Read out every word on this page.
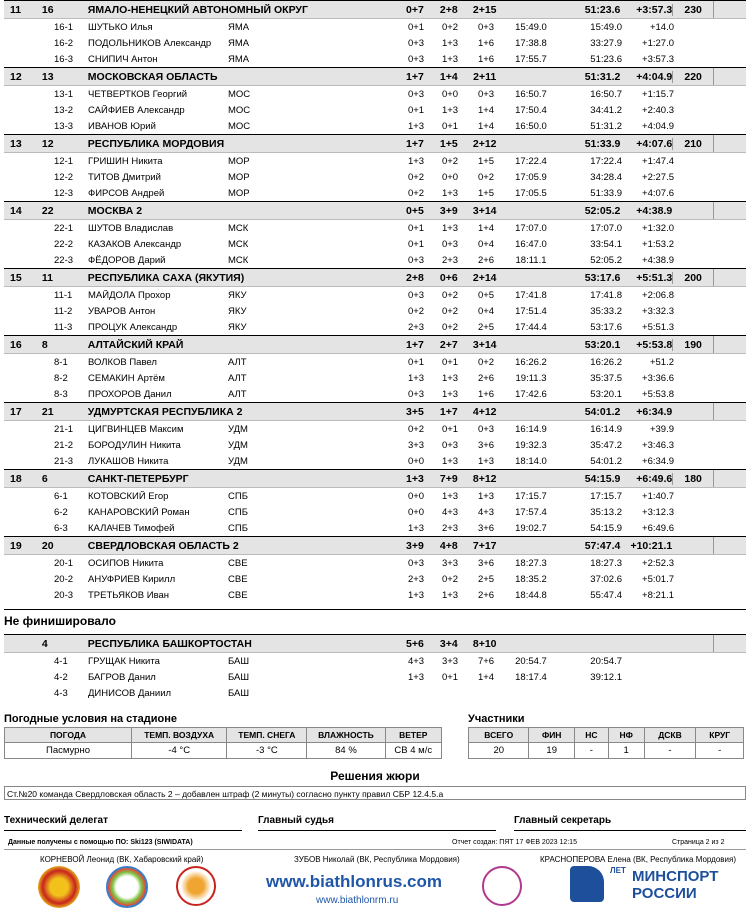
11	16	ЯМАЛО-НЕНЕЦКИЙ АВТОНОМНЫЙ ОКРУГ	0+7	2+8	2+15	51:23.6	+3:57.3	230
16-1	ШУТЬКО Илья	ЯМА	0+1	0+2	0+3	15:49.0	15:49.0	+14.0
16-2	ПОДОЛЬНИКОВ Александр	ЯМА	0+3	1+3	1+6	17:38.8	33:27.9	+1:27.0
16-3	СНИПИЧ Антон	ЯМА	0+3	1+3	1+6	17:55.7	51:23.6	+3:57.3
12	13	МОСКОВСКАЯ ОБЛАСТЬ	1+7	1+4	2+11	51:31.2	+4:04.9	220
13-1	ЧЕТВЕРТКОВ Георгий	МОС	0+3	0+0	0+3	16:50.7	16:50.7	+1:15.7
13-2	САЙФИЕВ Александр	МОС	0+1	1+3	1+4	17:50.4	34:41.2	+2:40.3
13-3	ИВАНОВ Юрий	МОС	1+3	0+1	1+4	16:50.0	51:31.2	+4:04.9
13	12	РЕСПУБЛИКА МОРДОВИЯ	1+7	1+5	2+12	51:33.9	+4:07.6	210
12-1	ГРИШИН Никита	МОР	1+3	0+2	1+5	17:22.4	17:22.4	+1:47.4
12-2	ТИТОВ Дмитрий	МОР	0+2	0+0	0+2	17:05.9	34:28.4	+2:27.5
12-3	ФИРСОВ Андрей	МОР	0+2	1+3	1+5	17:05.5	51:33.9	+4:07.6
14	22	МОСКВА 2	0+5	3+9	3+14	52:05.2	+4:38.9
22-1	ШУТОВ Владислав	МСК	0+1	1+3	1+4	17:07.0	17:07.0	+1:32.0
22-2	КАЗАКОВ Александр	МСК	0+1	0+3	0+4	16:47.0	33:54.1	+1:53.2
22-3	ФЁДОРОВ Дарий	МСК	0+3	2+3	2+6	18:11.1	52:05.2	+4:38.9
15	11	РЕСПУБЛИКА САХА (ЯКУТИЯ)	2+8	0+6	2+14	53:17.6	+5:51.3	200
11-1	МАЙДОЛА Прохор	ЯКУ	0+3	0+2	0+5	17:41.8	17:41.8	+2:06.8
11-2	УВАРОВ Антон	ЯКУ	0+2	0+2	0+4	17:51.4	35:33.2	+3:32.3
11-3	ПРОЦУК Александр	ЯКУ	2+3	0+2	2+5	17:44.4	53:17.6	+5:51.3
16	8	АЛТАЙСКИЙ КРАЙ	1+7	2+7	3+14	53:20.1	+5:53.8	190
8-1	ВОЛКОВ Павел	АЛТ	0+1	0+1	0+2	16:26.2	16:26.2	+51.2
8-2	СЕМАКИН Артём	АЛТ	1+3	1+3	2+6	19:11.3	35:37.5	+3:36.6
8-3	ПРОХОРОВ Данил	АЛТ	0+3	1+3	1+6	17:42.6	53:20.1	+5:53.8
17	21	УДМУРТСКАЯ РЕСПУБЛИКА 2	3+5	1+7	4+12	54:01.2	+6:34.9
21-1	ЦИГВИНЦЕВ Максим	УДМ	0+2	0+1	0+3	16:14.9	16:14.9	+39.9
21-2	БОРОДУЛИН Никита	УДМ	3+3	0+3	3+6	19:32.3	35:47.2	+3:46.3
21-3	ЛУКАШОВ Никита	УДМ	0+0	1+3	1+3	18:14.0	54:01.2	+6:34.9
18	6	САНКТ-ПЕТЕРБУРГ	1+3	7+9	8+12	54:15.9	+6:49.6	180
6-1	КОТОВСКИЙ Егор	СПБ	0+0	1+3	1+3	17:15.7	17:15.7	+1:40.7
6-2	КАНАРОВСКИЙ Роман	СПБ	0+0	4+3	4+3	17:57.4	35:13.2	+3:12.3
6-3	КАЛАЧЕВ Тимофей	СПБ	1+3	2+3	3+6	19:02.7	54:15.9	+6:49.6
19	20	СВЕРДЛОВСКАЯ ОБЛАСТЬ 2	3+9	4+8	7+17	57:47.4 +10:21.1
20-1	ОСИПОВ Никита	СВЕ	0+3	3+3	3+6	18:27.3	18:27.3	+2:52.3
20-2	АНУФРИЕВ Кирилл	СВЕ	2+3	0+2	2+5	18:35.2	37:02.6	+5:01.7
20-3	ТРЕТЬЯКОВ Иван	СВЕ	1+3	1+3	2+6	18:44.8	55:47.4	+8:21.1
Не финишировало
4	РЕСПУБЛИКА БАШКОРТОСТАН	5+6	3+4	8+10
4-1	ГРУЩАК Никита	БАШ	4+3	3+3	7+6	20:54.7	20:54.7
4-2	БАГРОВ Данил	БАШ	1+3	0+1	1+4	18:17.4	39:12.1
4-3	ДИНИСОВ Даниил	БАШ
Погодные условия на стадионе
ПОГОДА	ТЕМП. ВОЗДУХА	ТЕМП. СНЕГА	ВЛАЖНОСТЬ	ВЕТЕР
Пасмурно	-4 °C	-3 °C	84 %	СВ 4 м/с
Участники
ВСЕГО	ФИН	НС	НФ	ДСКВ	КРУГ
20	19	-	1	-	-
Решения жюри
Ст.№20 команда Свердловская область 2 – добавлен штраф (2 минуты) согласно пункту правил СБР 12.4.5.а
Технический делегат	Главный судья	Главный секретарь
Данные получены с помощью ПО: Ski123 (SIWIDATA)	Отчет создан: ПЯТ 17 ФЕВ 2023 12:15	Страница 2 из 2
КОРНЕВОЙ Леонид (ВК, Хабаровский край)	ЗУБОВ Николай (ВК, Республика Мордовия)	КРАСНОПЕРОВА Елена (ВК, Республика Мордовия)
www.biathlonrus.com
www.biathlonrm.ru
ЛЕТ МИНСПОРТ
РОССИИ
